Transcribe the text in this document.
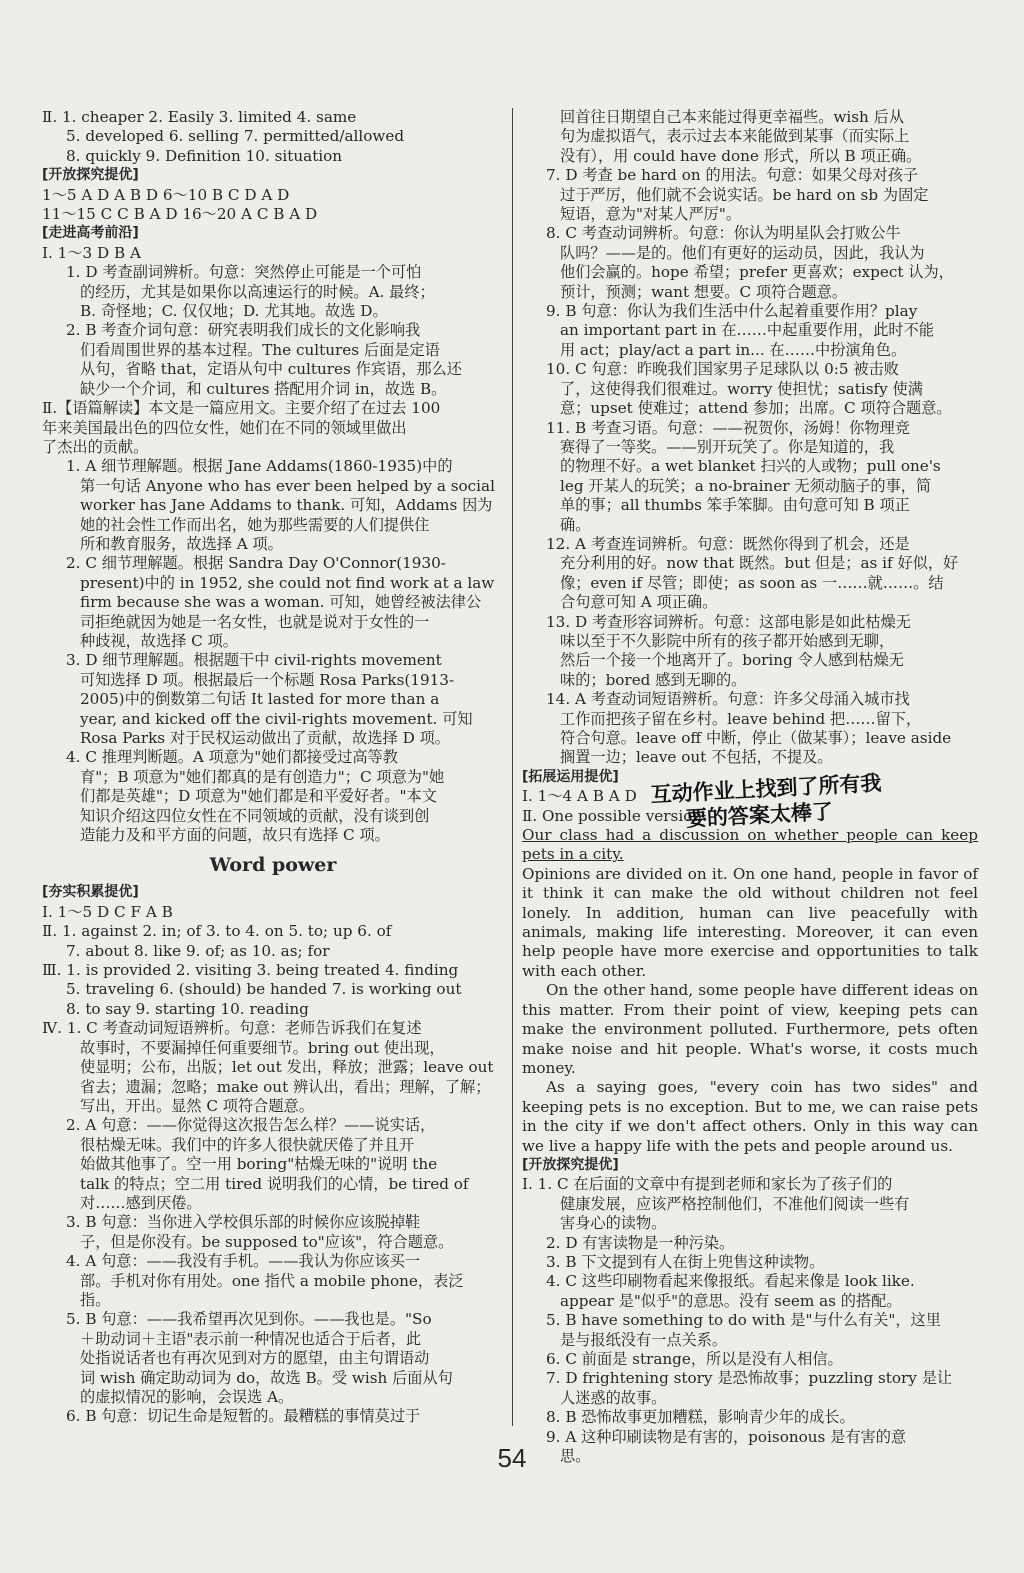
Ⅱ. 1. cheaper 2. Easily 3. limited 4. same
5. developed 6. selling 7. permitted/allowed
8. quickly 9. Definition 10. situation
[开放探究提优]
1～5 A D A B D 6～10 B C D A D
11～15 C C B A D 16～20 A C B A D
[走进高考前沿]
Ⅰ. 1～3 D B A
1. D 考查副词辨析。句意：突然停止可能是一个可怕
的经历，尤其是如果你以高速运行的时候。A. 最终；
B. 奇怪地；C. 仅仅地；D. 尤其地。故选 D。
2. B 考查介词句意：研究表明我们成长的文化影响我
们看周围世界的基本过程。The cultures 后面是定语
从句，省略 that，定语从句中 cultures 作宾语，那么还
缺少一个介词，和 cultures 搭配用介词 in，故选 B。
Ⅱ.【语篇解读】本文是一篇应用文。主要介绍了在过去 100
年来美国最出色的四位女性，她们在不同的领域里做出
了杰出的贡献。
1. A 细节理解题。根据 Jane Addams(1860-1935)中的
第一句话 Anyone who has ever been helped by a social
worker has Jane Addams to thank. 可知，Addams 因为
她的社会性工作而出名，她为那些需要的人们提供住
所和教育服务，故选择 A 项。
2. C 细节理解题。根据 Sandra Day O'Connor(1930-
present)中的 in 1952, she could not find work at a law
firm because she was a woman. 可知，她曾经被法律公
司拒绝就因为她是一名女性，也就是说对于女性的一
种歧视，故选择 C 项。
3. D 细节理解题。根据题干中 civil-rights movement
可知选择 D 项。根据最后一个标题 Rosa Parks(1913-
2005)中的倒数第二句话 It lasted for more than a
year, and kicked off the civil-rights movement. 可知
Rosa Parks 对于民权运动做出了贡献，故选择 D 项。
4. C 推理判断题。A 项意为"她们都接受过高等教
育"；B 项意为"她们都真的是有创造力"；C 项意为"她
们都是英雄"；D 项意为"她们都是和平爱好者。"本文
知识介绍这四位女性在不同领域的贡献，没有谈到创
造能力及和平方面的问题，故只有选择 C 项。
Word power
[夯实积累提优]
Ⅰ. 1～5 D C F A B
Ⅱ. 1. against 2. in; of 3. to 4. on 5. to; up 6. of
7. about 8. like 9. of; as 10. as; for
Ⅲ. 1. is provided 2. visiting 3. being treated 4. finding
5. traveling 6. (should) be handed 7. is working out
8. to say 9. starting 10. reading
Ⅳ. 1. C 考查动词短语辨析。句意：老师告诉我们在复述
故事时，不要漏掉任何重要细节。bring out 使出现，
使显明；公布，出版；let out 发出，释放；泄露；leave out
省去；遗漏；忽略；make out 辨认出，看出；理解，了解；
写出，开出。显然 C 项符合题意。
2. A 句意：——你觉得这次报告怎么样？——说实话，
很枯燥无味。我们中的许多人很快就厌倦了并且开
始做其他事了。空一用 boring"枯燥无味的"说明 the
talk 的特点；空二用 tired 说明我们的心情，be tired of
对……感到厌倦。
3. B 句意：当你进入学校俱乐部的时候你应该脱掉鞋
子，但是你没有。be supposed to"应该"，符合题意。
4. A 句意：——我没有手机。——我认为你应该买一
部。手机对你有用处。one 指代 a mobile phone，表泛
指。
5. B 句意：——我希望再次见到你。——我也是。"So
＋助动词＋主语"表示前一种情况也适合于后者，此
处指说话者也有再次见到对方的愿望，由主句谓语动
词 wish 确定助动词为 do，故选 B。受 wish 后面从句
的虚拟情况的影响，会误选 A。
6. B 句意：切记生命是短暂的。最糟糕的事情莫过于
回首往日期望自己本来能过得更幸福些。wish 后从
句为虚拟语气，表示过去本来能做到某事（而实际上
没有），用 could have done 形式，所以 B 项正确。
7. D 考查 be hard on 的用法。句意：如果父母对孩子
过于严厉，他们就不会说实话。be hard on sb 为固定
短语，意为"对某人严厉"。
8. C 考查动词辨析。句意：你认为明星队会打败公牛
队吗？——是的。他们有更好的运动员，因此，我认为
他们会赢的。hope 希望；prefer 更喜欢；expect 认为，
预计，预测；want 想要。C 项符合题意。
9. B 句意：你认为我们生活中什么起着重要作用？play
an important part in 在……中起重要作用，此时不能
用 act；play/act a part in... 在……中扮演角色。
10. C 句意：昨晚我们国家男子足球队以 0:5 被击败
了，这使得我们很难过。worry 使担忧；satisfy 使满
意；upset 使难过；attend 参加；出席。C 项符合题意。
11. B 考查习语。句意：——祝贺你，汤姆！你物理竞
赛得了一等奖。——别开玩笑了。你是知道的，我
的物理不好。a wet blanket 扫兴的人或物；pull one's
leg 开某人的玩笑；a no-brainer 无须动脑子的事，简
单的事；all thumbs 笨手笨脚。由句意可知 B 项正
确。
12. A 考查连词辨析。句意：既然你得到了机会，还是
充分利用的好。now that 既然。but 但是；as if 好似，好
像；even if 尽管；即使；as soon as 一……就……。结
合句意可知 A 项正确。
13. D 考查形容词辨析。句意：这部电影是如此枯燥无
味以至于不久影院中所有的孩子都开始感到无聊，
然后一个接一个地离开了。boring 令人感到枯燥无
味的；bored 感到无聊的。
14. A 考查动词短语辨析。句意：许多父母涌入城市找
工作而把孩子留在乡村。leave behind 把……留下，
符合句意。leave off 中断，停止（做某事）；leave aside
搁置一边；leave out 不包括，不提及。
[拓展运用提优]
Ⅰ. 1～4 A B A D
Ⅱ. One possible version:
Our class had a discussion on whether people can keep pets in a city.
Opinions are divided on it. On one hand, people in favor of it think it can make the old without children not feel lonely. In addition, human can live peacefully with animals, making life interesting. Moreover, it can even help people have more exercise and opportunities to talk with each other.
On the other hand, some people have different ideas on this matter. From their point of view, keeping pets can make the environment polluted. Furthermore, pets often make noise and hit people. What's worse, it costs much money.
As a saying goes, "every coin has two sides" and keeping pets is no exception. But to me, we can raise pets in the city if we don't affect others. Only in this way can we live a happy life with the pets and people around us.
[开放探究提优]
Ⅰ. 1. C 在后面的文章中有提到老师和家长为了孩子们的
健康发展，应该严格控制他们，不准他们阅读一些有
害身心的读物。
2. D 有害读物是一种污染。
3. B 下文提到有人在街上兜售这种读物。
4. C 这些印刷物看起来像报纸。看起来像是 look like.
appear 是"似乎"的意思。没有 seem as 的搭配。
5. B have something to do with 是"与什么有关"，这里
是与报纸没有一点关系。
6. C 前面是 strange，所以是没有人相信。
7. D frightening story 是恐怖故事；puzzling story 是让
人迷惑的故事。
8. B 恐怖故事更加糟糕，影响青少年的成长。
9. A 这种印刷读物是有害的，poisonous 是有害的意
思。
互动作业上找到了所有我
要的答案太棒了
54
